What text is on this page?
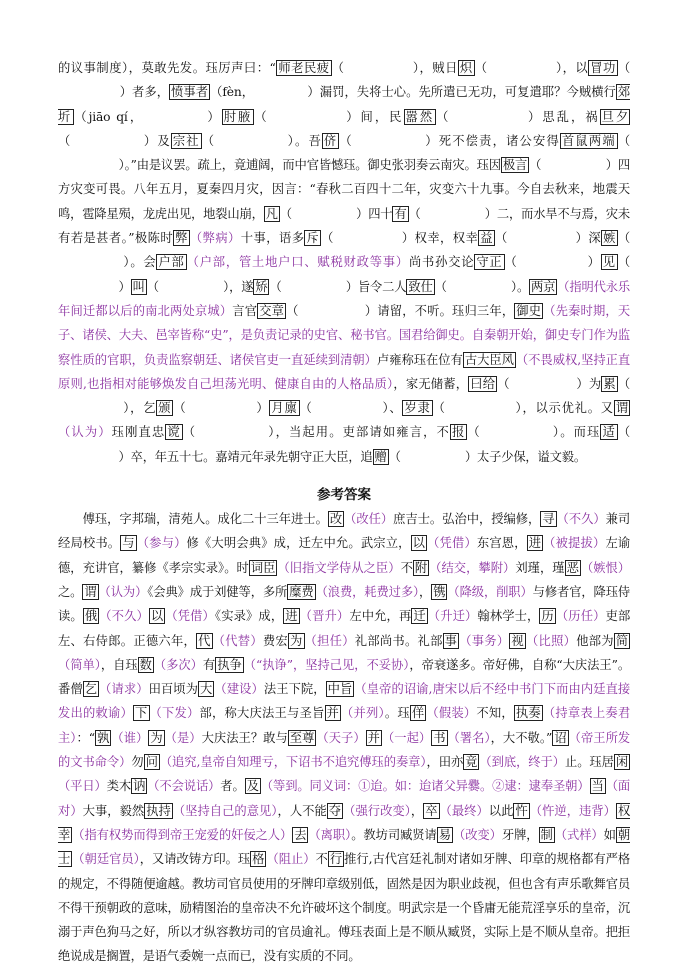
的议事制度），莫敢先发。珏厉声曰：“ 师老民疲 （ 　　　　　），贼日 炽 （ 　　　　　），以 冒功 （ 　　　　　）者多， 愤事者 （fèn， 　　　　）漏罚，失将士心。先所遣已无功，可复遣耶？今贼横行 郊圻 （jiāo qí， 　　　　） 肘腋 （ 　　　　　）间，民 嚣然 （ 　　　　　）思乱，祸 旦夕（ 　　　　　）及 宗社 （ 　　　　　）。吾 侪 （ 　　　　　）死不偿责，诸公安得 首鼠两端 （ 　　　　　）。”由是议罢。疏上，竟逋阔，而中官皆憾珏。御史张羽奏云南灾。珏因 极言 （ 　　　　　）四方灾变可畏。八年五月，夏秦四月灾，因言：“春秋二百四十二年，灾变六十九事。今自去秋来，地震天鸣，雹降星殒，龙虎出见，地裂山崩， 凡 （ 　　　　　）四十 有 （ 　　　　　）二，而水旱不与焉，灾未有若是甚者。”极陈时 弊 （弊病）十事，语多 斥 （ 　　　　　）权幸，权幸 益 （ 　　　　　）深 嫉 （ 　　　　　）。会 户部 （户部，管土地户口、赋税财政等事）尚书孙交论 守正 （ 　　　　　） 见 （ 　　　　　） 叫 （ 　　　　　），遂 矫 （ 　　　　　）旨令二人 致仕 （ 　　　　　）。 两京 （指明代永乐年间迁都以后的南北两处京城）言官 交章 （ 　　　　　）请留，不听。珏归三年， 御史 （先秦时期，天子、诸侯、大夫、邑宰皆称“史”，是负责记录的史官、秘书官。国君给御史。自秦朝开始，御史专门作为监察性质的官职，负责监察朝廷、诸侯官吏一直延续到清朝）卢雍称珏在位有 古大臣风 （不畏威权,坚持正直原则,也指相对能够焕发自己坦荡光明、健康自由的人格品质），家无储蓄， 曰给 （ 　　　　　）为 累 （ 　　　　　），乞 颁 （ 　　　　　） 月廪 （ 　　　　　）、 岁隶 （ 　　　　　），以示优礼。又 谓（认为）珏刚直忠 谠 （ 　　　　　），当起用。吏部请如雍言，不 报 （ 　　　　　）。而珏 适 （ 　　　　　）卒，年五十七。嘉靖元年录先朝守正大臣，追 赠 （ 　　　　　）太子少保，谥文毅。

参考答案

傅珏，字邦瑞，清苑人。成化二十三年进士。 改 （改任）庶吉士。弘治中，授编修， 寻 （不久）兼司经局校书。 与 （参与）修《大明会典》成，迁左中允。武宗立， 以 （凭借）东宫恩， 进 （被提拔）左谕德，充讲官，纂修《孝宗实录》。时 词臣 （旧指文学侍从之臣）不 附 （结交，攀附）刘瑾，瑾 恶 （嫉恨）之。 谓 （认为）《会典》成于刘健等，多所 糜费 （浪费，耗费过多）， 镌 （降级，削职）与修者官，降珏侍读。 俄 （不久） 以 （凭借）《实录》成， 进 （晋升）左中允，再 迁 （升迁）翰林学士， 历 （历任）吏部左、右侍郎。正德六年， 代 （代替）费宏 为 （担任）礼部尚书。礼部 事 （事务） 视 （比照）他部为 简（简单），自珏 数 （多次）有 执争 （“执诤”，坚持己见，不妥协），帝衰遂多。帝好佛，自称“大庆法王”。番僧 乞 （请求）田百顷为 大 （建设）法王下院， 中旨 （皇帝的诏谕,唐宋以后不经中书门下而由内廷直接发出的敕谕） 下 （下发）部，称大庆法王与圣旨 并 （并列）。珏 佯 （假装）不知， 执奏 （持章表上奏君主）：“ 孰 （谁） 为 （是）大庆法王？敢与 至尊 （天子） 并 （一起） 书 （署名），大不敬。” 诏 （帝王所发的文书命令）勿 问 （追究,皇帝自知理亏，下诏书不追究傅珏的奏章），田亦 竟 （到底，终于）止。珏居 闲（平日）类木 讷 （不会说话）者。 及 （等到。同义词：①迨。如：迨诸父异爨。②逮：逮奉圣朝） 当 （面对）大事，毅然 执持 （坚持自己的意见），人不能 夺 （强行改变）， 卒 （最终）以此 忤 （忤逆，违背） 权幸 （指有权势而得到帝王宠爱的奸佞之人） 去 （离职）。教坊司臧贤请 易 （改变）牙牌， 制 （式样）如 朝士 （朝廷官员），又请改铸方印。珏 格 （阻止）不 行 推行,古代宫廷礼制对诸如牙牌、印章的规格都有严格的规定，不得随便逾越。教坊司官员使用的牙牌印章级别低，固然是因为职业歧视，但也含有声乐歌舞官员不得干预朝政的意味，励精图治的皇帝决不允许破坏这个制度。明武宗是一个昏庸无能荒淫享乐的皇帝，沉溺于声色狗马之好，所以才纵容教坊司的官员逾礼。傅珏表面上是不顺从臧贤，实际上是不顺从皇帝。把拒绝说成是搁置，是语气委婉一点而已，没有实质的不同。
